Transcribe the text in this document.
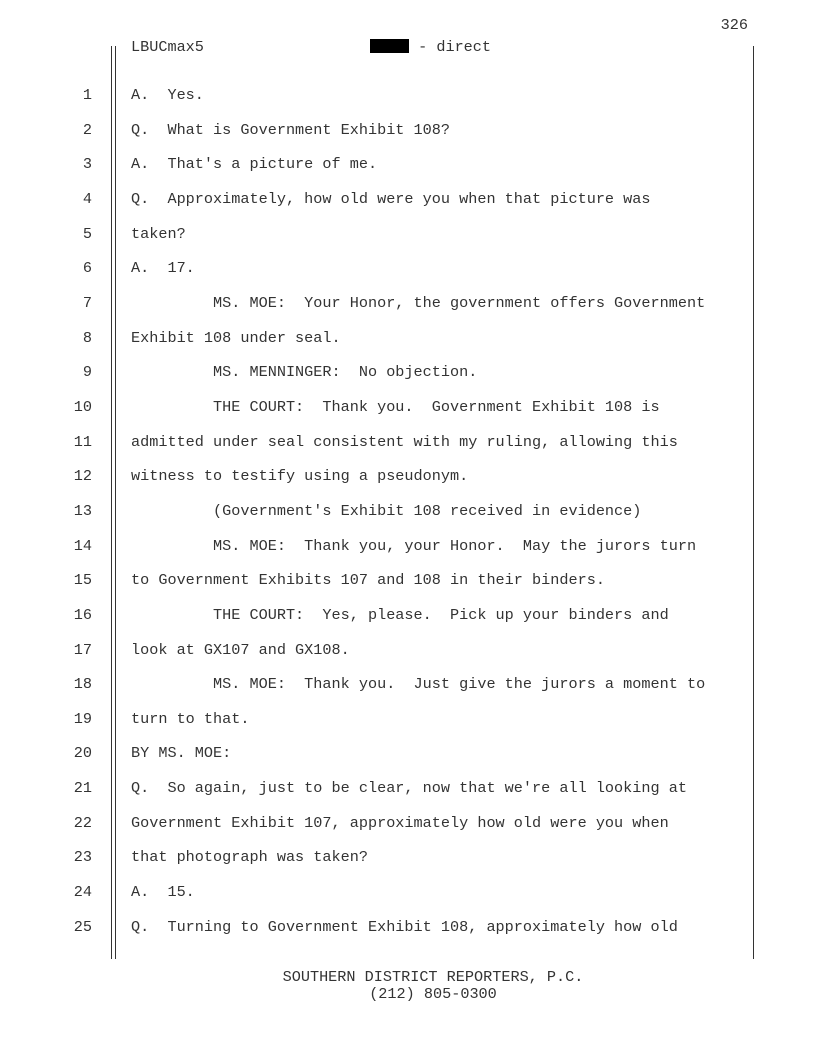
326
LBUCmax5	- direct
1	A.  Yes.
2	Q.  What is Government Exhibit 108?
3	A.  That's a picture of me.
4	Q.  Approximately, how old were you when that picture was
5	taken?
6	A.  17.
7	MS. MOE:  Your Honor, the government offers Government
8	Exhibit 108 under seal.
9	MS. MENNINGER:  No objection.
10	THE COURT:  Thank you.  Government Exhibit 108 is
11	admitted under seal consistent with my ruling, allowing this
12	witness to testify using a pseudonym.
13	(Government's Exhibit 108 received in evidence)
14	MS. MOE:  Thank you, your Honor.  May the jurors turn
15	to Government Exhibits 107 and 108 in their binders.
16	THE COURT:  Yes, please.  Pick up your binders and
17	look at GX107 and GX108.
18	MS. MOE:  Thank you.  Just give the jurors a moment to
19	turn to that.
20	BY MS. MOE:
21	Q.  So again, just to be clear, now that we're all looking at
22	Government Exhibit 107, approximately how old were you when
23	that photograph was taken?
24	A.  15.
25	Q.  Turning to Government Exhibit 108, approximately how old
SOUTHERN DISTRICT REPORTERS, P.C.
(212) 805-0300
